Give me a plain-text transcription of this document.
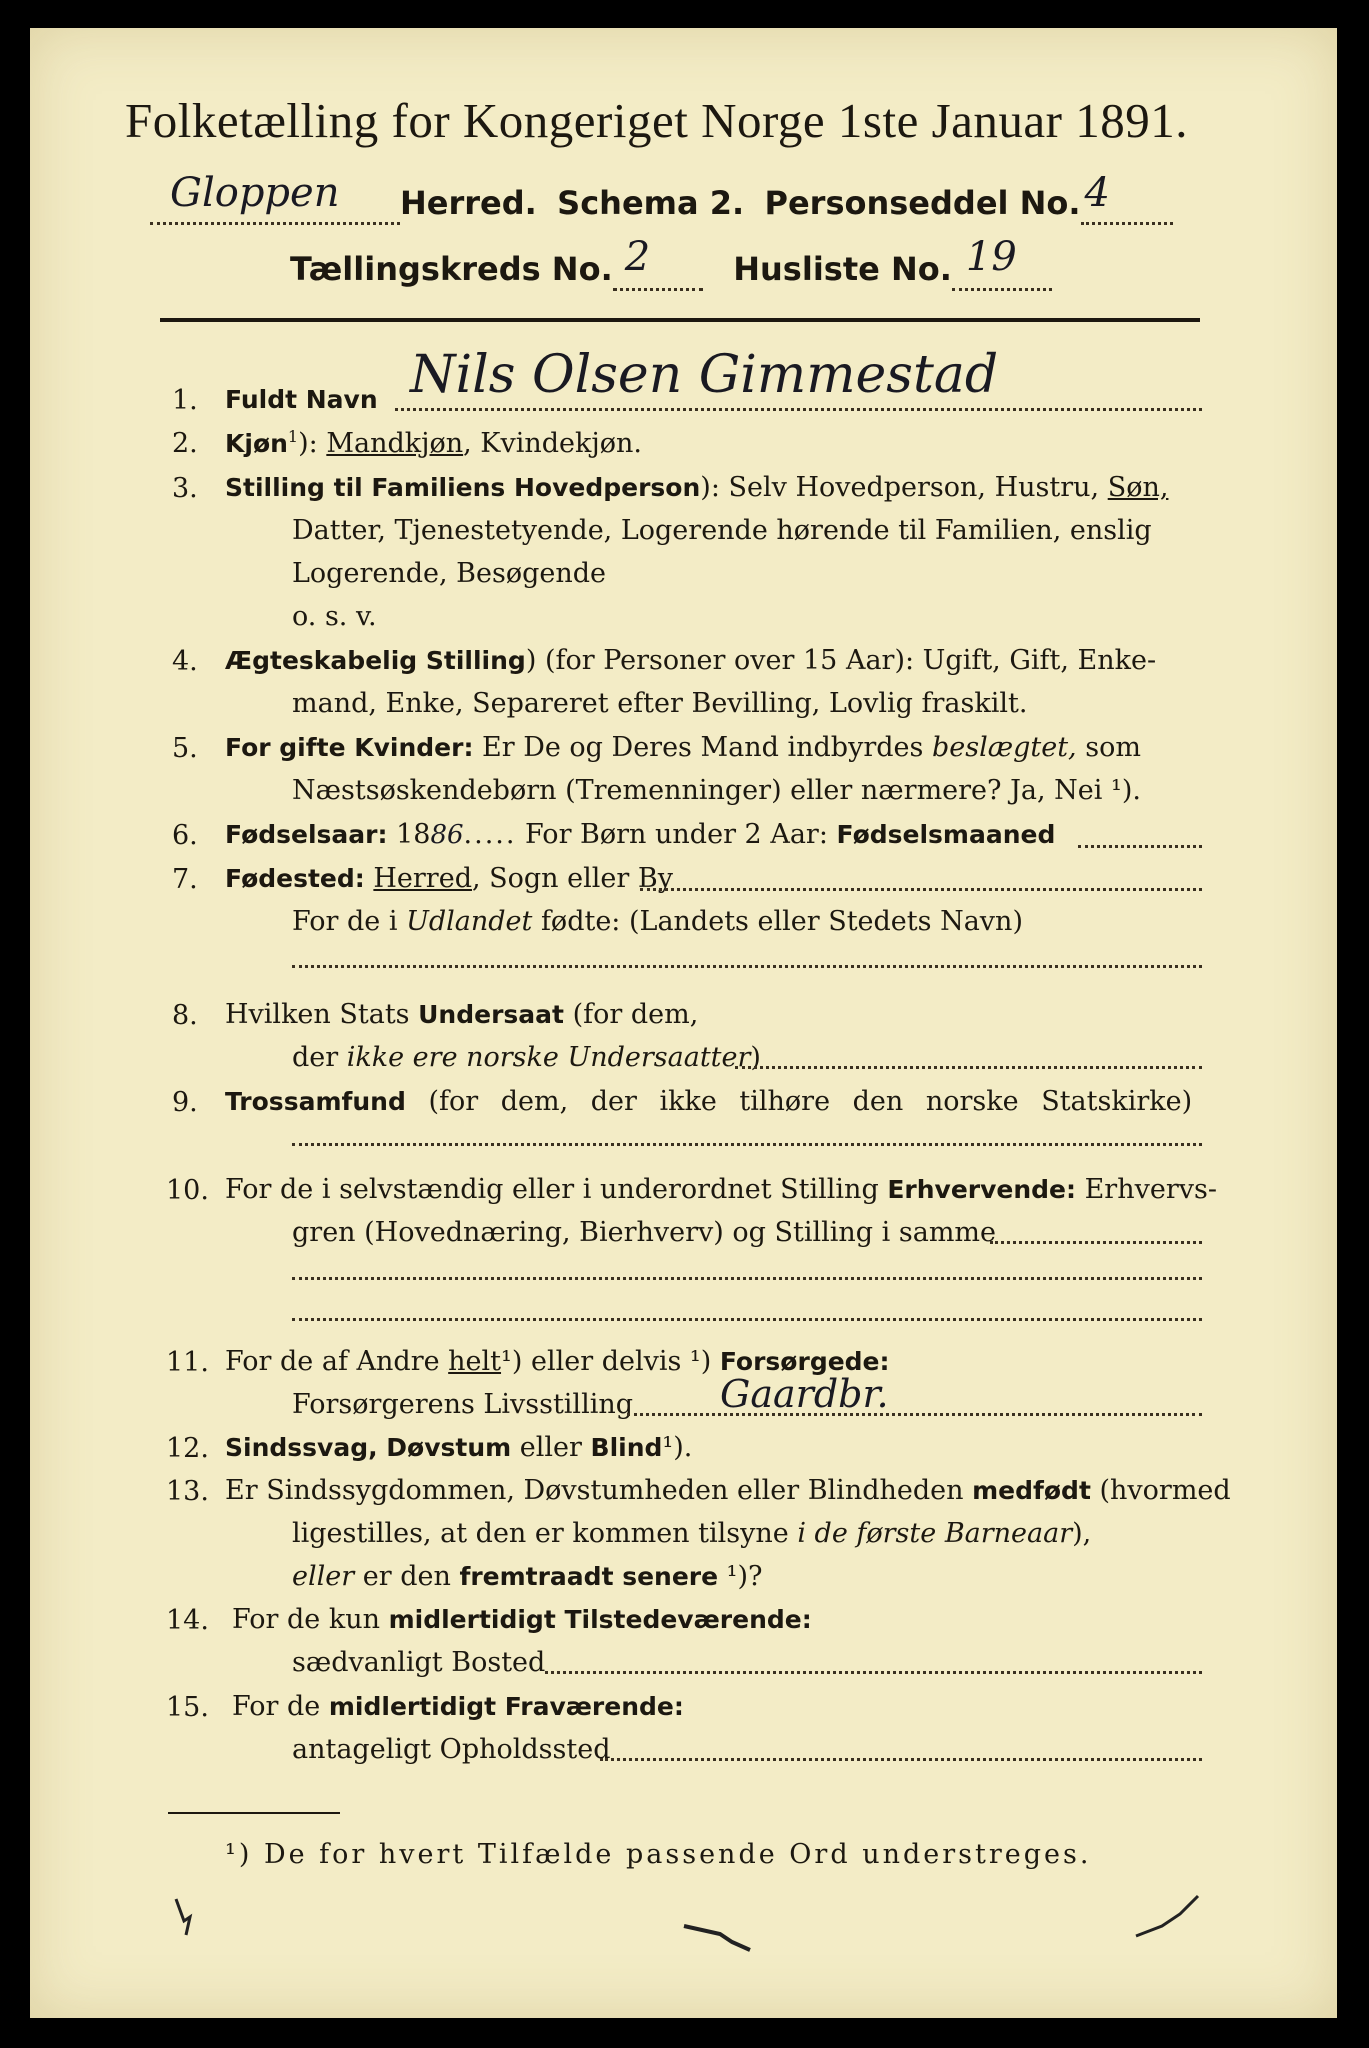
Folketælling for Kongeriget Norge 1ste Januar 1891.
Gloppen Herred. Schema 2. Personseddel No. 4

Tællingskreds No. 2	Husliste No. 19

1. Fuldt Navn Nils Olsen Gimmestad
2. Kjøn$^1$): Mandkjøn, Kvindekjøn.
3. Stilling til Familiens Hovedperson): Selv Hovedperson, Hustru, Søn,
Datter, Tjenestetyende, Logerende hørende til Familien, enslig
Logerende, Besøgende
o. s. v.
4. Ægteskabelig Stilling) (for Personer over 15 Aar): Ugift, Gift, Enke-
mand, Enke, Separeret efter Bevilling, Lovlig fraskilt.
5. For gifte Kvinder: Er De og Deres Mand indbyrdes beslægtet, som
Næstsøskendebørn (Tremenninger) eller nærmere? Ja, Nei ¹).
6. Fødselsaar: 1886..... For Børn under 2 Aar: Fødselsmaaned
7. Fødested: Herred, Sogn eller By
For de i Udlandet fødte: (Landets eller Stedets Navn)
8. Hvilken Stats Undersaat (for dem,
der ikke ere norske Undersaatter)
9. Trossamfund (for dem, der ikke tilhøre den norske Statskirke)
10. For de i selvstændig eller i underordnet Stilling Erhvervende: Erhvervs-
gren (Hovednæring, Bierhverv) og Stilling i samme
11. For de af Andre helt¹) eller delvis ¹) Forsørgede:
Forsørgerens Livsstilling Gaardbr.
12. Sindssvag, Døvstum eller Blind¹).
13. Er Sindssygdommen, Døvstumheden eller Blindheden medfødt (hvormed
ligestilles, at den er kommen tilsyne i de første Barneaar),
eller er den fremtraadt senere ¹)?
14. For de kun midlertidigt Tilstedeværende:
sædvanligt Bosted
15. For de midlertidigt Fraværende:
antageligt Opholdssted
¹) De for hvert Tilfælde passende Ord understreges.
